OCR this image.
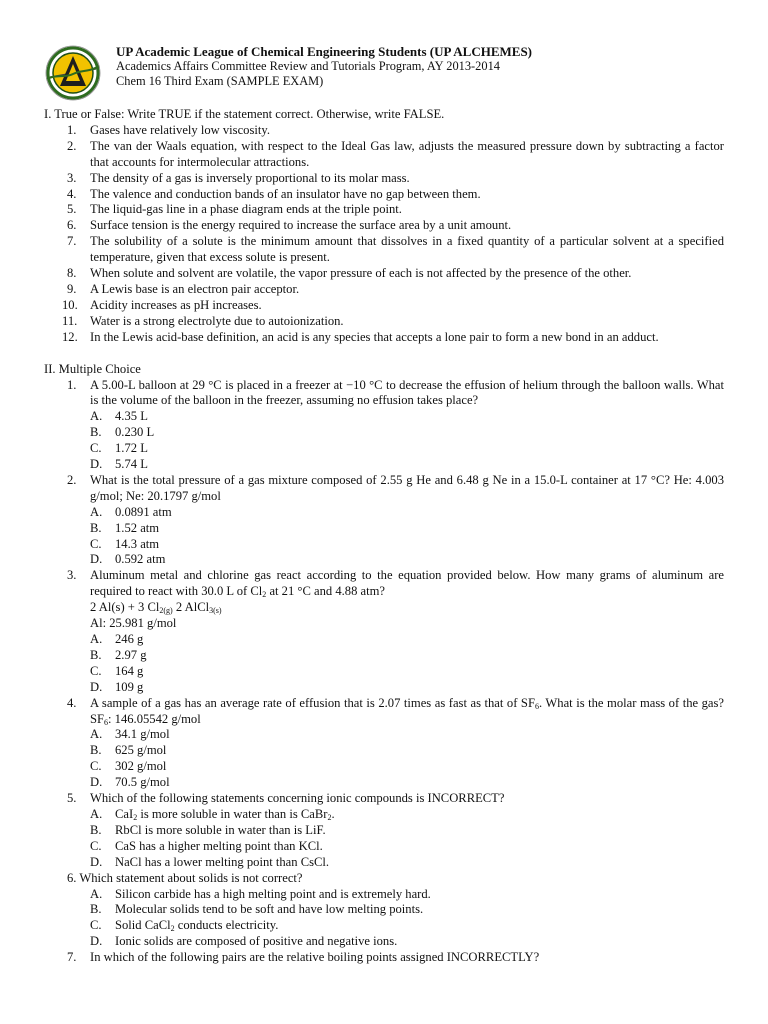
UP Academic League of Chemical Engineering Students (UP ALCHEMES)
Academics Affairs Committee Review and Tutorials Program, AY 2013-2014
Chem 16 Third Exam (SAMPLE EXAM)
I. True or False: Write TRUE if the statement correct. Otherwise, write FALSE.
1. Gases have relatively low viscosity.
2. The van der Waals equation, with respect to the Ideal Gas law, adjusts the measured pressure down by subtracting a factor that accounts for intermolecular attractions.
3. The density of a gas is inversely proportional to its molar mass.
4. The valence and conduction bands of an insulator have no gap between them.
5. The liquid-gas line in a phase diagram ends at the triple point.
6. Surface tension is the energy required to increase the surface area by a unit amount.
7. The solubility of a solute is the minimum amount that dissolves in a fixed quantity of a particular solvent at a specified temperature, given that excess solute is present.
8. When solute and solvent are volatile, the vapor pressure of each is not affected by the presence of the other.
9. A Lewis base is an electron pair acceptor.
10. Acidity increases as pH increases.
11. Water is a strong electrolyte due to autoionization.
12. In the Lewis acid-base definition, an acid is any species that accepts a lone pair to form a new bond in an adduct.
II. Multiple Choice
1. A 5.00-L balloon at 29 °C is placed in a freezer at −10 °C to decrease the effusion of helium through the balloon walls. What is the volume of the balloon in the freezer, assuming no effusion takes place?
A.	4.35 L
B.	0.230 L
C.	1.72 L
D.	5.74 L
2. What is the total pressure of a gas mixture composed of 2.55 g He and 6.48 g Ne in a 15.0-L container at 17 °C? He: 4.003 g/mol; Ne: 20.1797 g/mol
A.	0.0891 atm
B.	1.52 atm
C.	14.3 atm
D.	0.592 atm
3. Aluminum metal and chlorine gas react according to the equation provided below. How many grams of aluminum are required to react with 30.0 L of $Cl_2$ at 21 °C and 4.88 atm?
2 Al(s) + 3 $Cl_{2(g)}$ 2 AlCl$_{3(s)}$
Al: 25.981 g/mol
A.	246 g
B.	2.97 g
C.	164 g
D.	109 g
4. A sample of a gas has an average rate of effusion that is 2.07 times as fast as that of $SF_6$. What is the molar mass of the gas? $SF_6$: 146.05542 g/mol
A.	34.1 g/mol
B.	625 g/mol
C.	302 g/mol
D.	70.5 g/mol
5. Which of the following statements concerning ionic compounds is INCORRECT?
A.	CaI$_2$ is more soluble in water than is CaBr$_2$.
B.	RbCl is more soluble in water than is LiF.
C.	CaS has a higher melting point than KCl.
D.	NaCl has a lower melting point than CsCl.
6. Which statement about solids is not correct?
A.	Silicon carbide has a high melting point and is extremely hard.
B.	Molecular solids tend to be soft and have low melting points.
C.	Solid CaCl$_2$ conducts electricity.
D.	Ionic solids are composed of positive and negative ions.
7. In which of the following pairs are the relative boiling points assigned INCORRECTLY?
